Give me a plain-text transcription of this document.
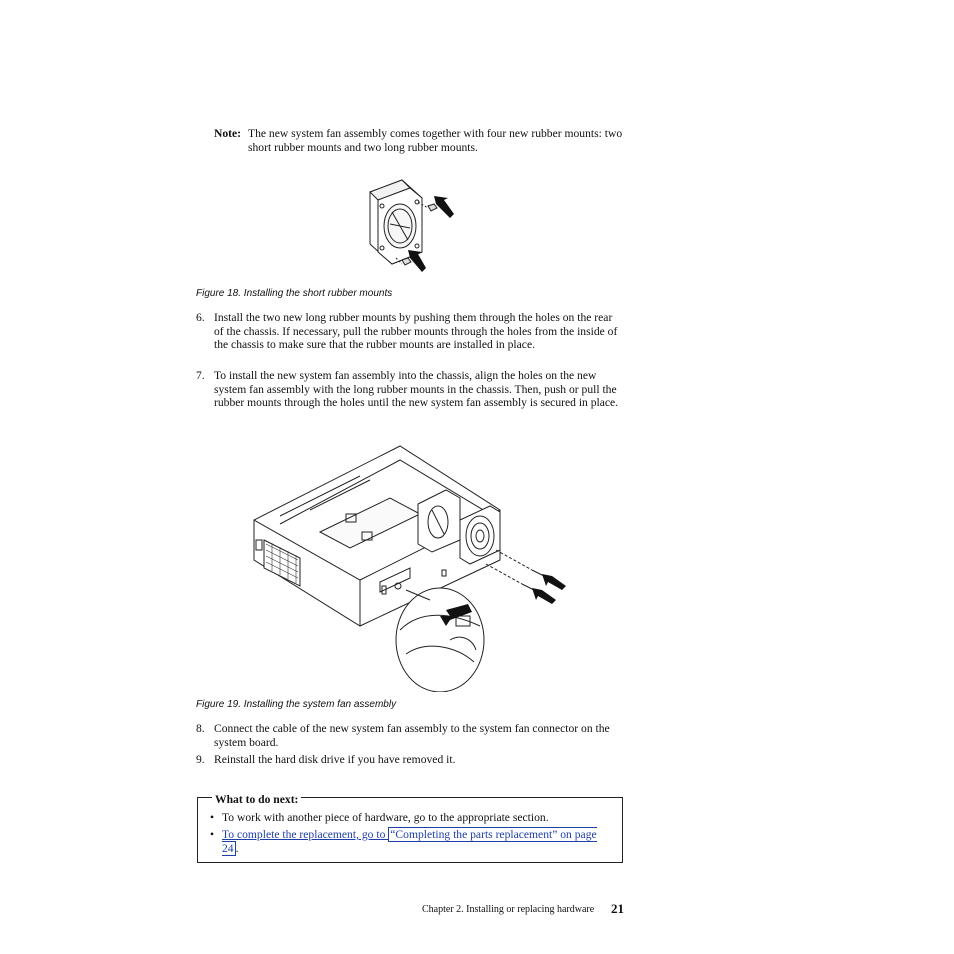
Note: The new system fan assembly comes together with four new rubber mounts: two short rubber mounts and two long rubber mounts.
Figure 18. Installing the short rubber mounts
6. Install the two new long rubber mounts by pushing them through the holes on the rear of the chassis. If necessary, pull the rubber mounts through the holes from the inside of the chassis to make sure that the rubber mounts are installed in place.
7. To install the new system fan assembly into the chassis, align the holes on the new system fan assembly with the long rubber mounts in the chassis. Then, push or pull the rubber mounts through the holes until the new system fan assembly is secured in place.
Figure 19. Installing the system fan assembly
8. Connect the cable of the new system fan assembly to the system fan connector on the system board.
9. Reinstall the hard disk drive if you have removed it.
What to do next:
• To work with another piece of hardware, go to the appropriate section.
• To complete the replacement, go to “Completing the parts replacement” on page 24 .
Chapter 2. Installing or replacing hardware 21
